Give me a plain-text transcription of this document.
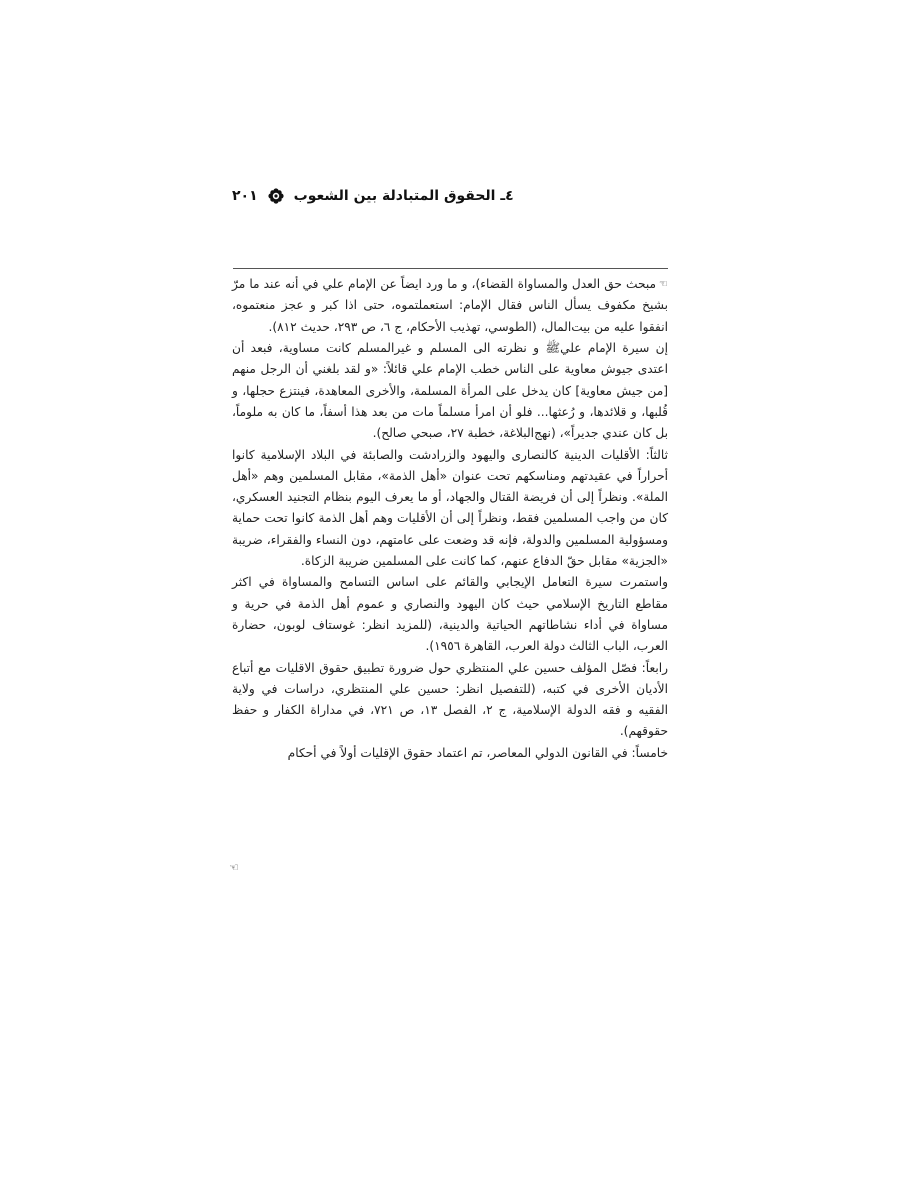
٤ـ الحقوق المتبادلة بين الشعوب
٢٠١

☜مبحث حق العدل والمساواة القضاء)، و ما ورد ايضاً عن الإمام علي في أنه عند ما مرّ بشيخ مكفوف يسأل الناس فقال الإمام: استعملتموه، حتى اذا كبر و عجز منعتموه، انفقوا عليه من بيت‌المال، (الطوسي، تهذيب الأحكام، ج ٦، ص ٢٩٣، حديث ٨١٢).

إن سيرة الإمام عليﷺ و نظرته الى المسلم و غيرالمسلم كانت مساوية، فبعد أن اعتدى جيوش معاوية على الناس خطب الإمام علي قائلاً: «و لقد بلغني أن الرجل منهم [من جيش معاوية] كان يدخل على المرأة المسلمة، والأخرى المعاهدة، فينتزع حجلها، و قُلبها، و قلائدها، و رُعثها... فلو أن امرأ مسلماً مات من بعد هذا أسفاً، ما كان به ملوماً، بل كان عندي جديراً»، (نهج‌البلاغة، خطبة ٢٧، صبحي صالح).

ثالثاً: الأقليات الدينية كالنصارى واليهود والزرادشت والصابئة في البلاد الإسلامية كانوا أحراراً في عقيدتهم ومناسكهم تحت عنوان «أهل الذمة»، مقابل المسلمين وهم «أهل الملة». ونظراً إلى أن فريضة القتال والجهاد، أو ما يعرف اليوم بنظام التجنيد العسكري، كان من واجب المسلمين فقط، ونظراً إلى أن الأقليات وهم أهل الذمة كانوا تحت حماية ومسؤولية المسلمين والدولة، فإنه قد وضعت على عامتهم، دون النساء والفقراء، ضريبة «الجزية» مقابل حقّ الدفاع عنهم، كما كانت على المسلمين ضريبة الزكاة.

واستمرت سيرة التعامل الإيجابي والقائم على اساس التسامح والمساواة في اكثر مقاطع التاريخ الإسلامي حيث كان اليهود والنصاري و عموم أهل الذمة في حرية و مساواة في أداء نشاطاتهم الحياتية والدينية، (للمزيد انظر: غوستاف لوبون، حضارة العرب، الباب الثالث دولة العرب، القاهرة ١٩٥٦).

رابعاً: فصّل المؤلف حسين علي المنتظري حول ضرورة تطبيق حقوق الاقليات مع أتباع الأديان الأخرى في كتبه، (للتفصيل انظر: حسين علي المنتظري، دراسات في ولاية الفقيه و فقه الدولة الإسلامية، ج ٢، الفصل ١٣، ص ٧٢١، في مداراة الكفار و حفظ حقوقهم).

خامساً: في القانون الدولي المعاصر، تم اعتماد حقوق الإقليات أولاً في أحكام

☜
